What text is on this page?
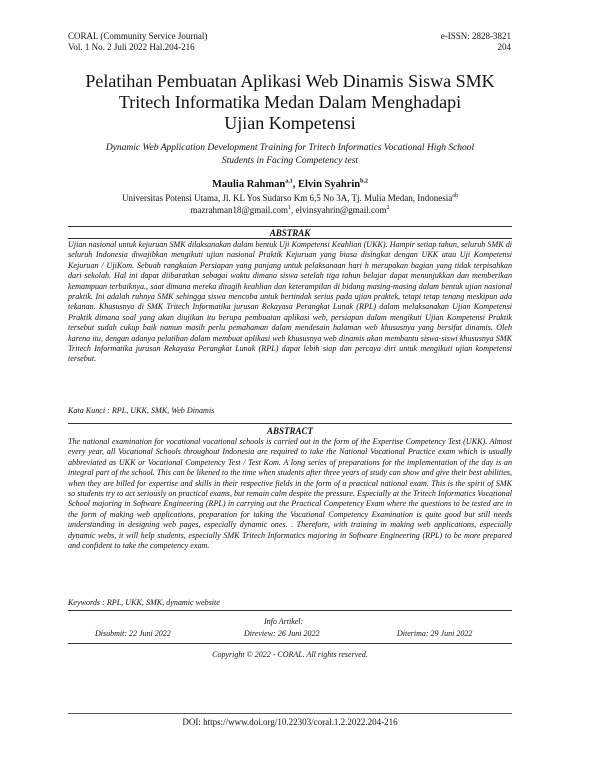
CORAL (Community Service Journal)
Vol. 1 No. 2 Juli 2022 Hal.204-216
e-ISSN: 2828-3821
204
Pelatihan Pembuatan Aplikasi Web Dinamis Siswa SMK
Tritech Informatika Medan Dalam Menghadapi
Ujian Kompetensi
Dynamic Web Application Development Training for Tritech Informatics Vocational High School
Students in Facing Competency test
Maulia Rahman$^{a,1}$, Elvin Syahrin$^{b,2}$
Universitas Potensi Utama, Jl. KL Yos Sudarso Km 6,5 No 3A, Tj. Mulia Medan, Indonesia$^{ab}$
mazrahman18@gmail.com$^1$, elvinsyahrin@gmail.com$^2$
ABSTRAK
Ujian nasional untuk kejuruan SMK dilaksanakan dalam bentuk Uji Kompetensi Keahlian (UKK). Hampir setiap tahun, seluruh SMK di seluruh Indonesia diwajibkan mengikuti ujian nasional Praktik Kejuruan yang biasa disingkat dengan UKK atau Uji Kompetensi Kejuruan / UjiKom. Sebuah rangkaian Persiapan yang panjang untuk pelaksanaan hari h merupakan bagian yang tidak terpisahkan dari sekolah. Hal ini dapat diibaratkan sebagai waktu dimana siswa setelah tiga tahun belajar dapat menunjukkan dan memberikan kemampuan terbaiknya., saat dimana mereka ditagih keahlian dan keterampilan di bidang masing-masing dalam bentuk ujian nasional praktik. Ini adalah ruhnya SMK sehingga siswa mencoba untuk bertindak serius pada ujian praktek, tetapi tetap tenang meskipun ada tekanan. Khususnya di SMK Tritech Informatika jurusan Rekayasa Perangkat Lunak (RPL) dalam melaksanakan Ujian Kompetensi Praktik dimana soal yang akan diujikan itu berupa pembuatan aplikasi web, persiapan dalam mengikuti Ujian Kompetensi Praktik tersebut sudah cukup baik namun masih perlu pemahaman dalam mendesain halaman web khususnya yang bersifat dinamis. Oleh karena itu, dengan adanya pelatihan dalam membuat aplikasi web khususnya web dinamis akan membantu siswa-siswi khususnya SMK Tritech Informatika jurusan Rekayasa Perangkat Lunak (RPL) dapat lebih siap dan percaya diri untuk mengikuti ujian kompetensi tersebut.
Kata Kunci : RPL, UKK, SMK, Web Dinamis
ABSTRACT
The national examination for vocational vocational schools is carried out in the form of the Expertise Competency Test (UKK). Almost every year, all Vocational Schools throughout Indonesia are required to take the National Vocational Practice exam which is usually abbreviated as UKK or Vocational Competency Test / Test Kom. A long series of preparations for the implementation of the day is an integral part of the school. This can be likened to the time when students after three years of study can show and give their best abilities, when they are billed for expertise and skills in their respective fields in the form of a practical national exam. This is the spirit of SMK so students try to act seriously on practical exams, but remain calm despite the pressure. Especially at the Tritech Informatics Vocational School majoring in Software Engineering (RPL) in carrying out the Practical Competency Exam where the questions to be tested are in the form of making web applications, preparation for taking the Vocational Competency Examination is quite good but still needs understanding in designing web pages, especially dynamic ones. . Therefore, with training in making web applications, especially dynamic webs, it will help students, especially SMK Tritech Informatics majoring in Software Engineering (RPL) to be more prepared and confident to take the competency exam.
Keywords : RPL, UKK, SMK, dynamic website
Info Artikel:
Disubmit: 22 Juni 2022	Direview: 26 Juni 2022	Diterima: 29 Juni 2022
Copyright © 2022 - CORAL. All rights reserved.
DOI: https://www.doi.org/10.22303/coral.1.2.2022.204-216
